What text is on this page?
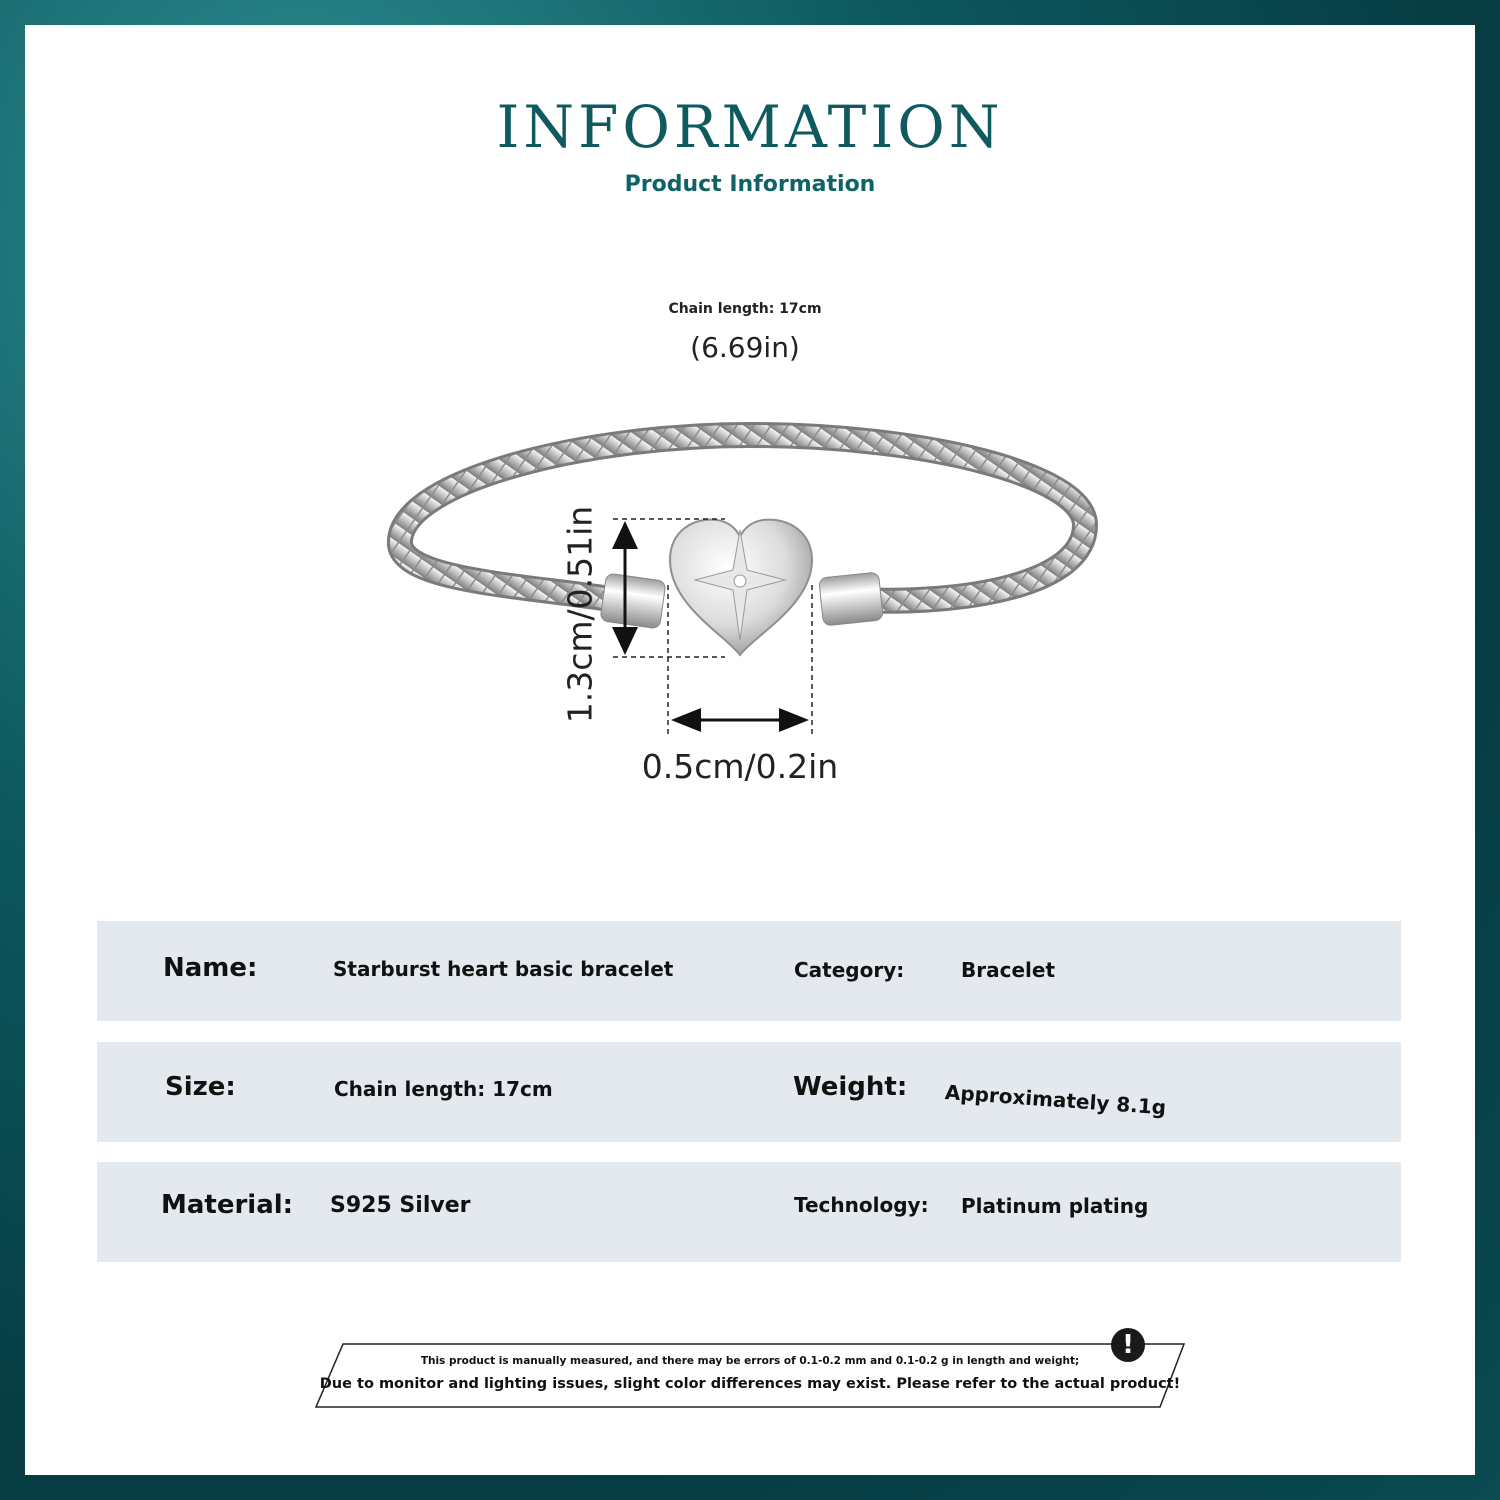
INFORMATION
Product Information
Chain length: 17cm
(6.69in)
1.3cm/0.51in
0.5cm/0.2in
Name:	Starburst heart basic bracelet	Category:	Bracelet
Size:	Chain length: 17cm	Weight: Approximately 8.1g
Material: S925 Silver	Technology: Platinum plating
This product is manually measured, and there may be errors of 0.1-0.2 mm and 0.1-0.2 g in length and weight;
Due to monitor and lighting issues, slight color differences may exist. Please refer to the actual product!
!
